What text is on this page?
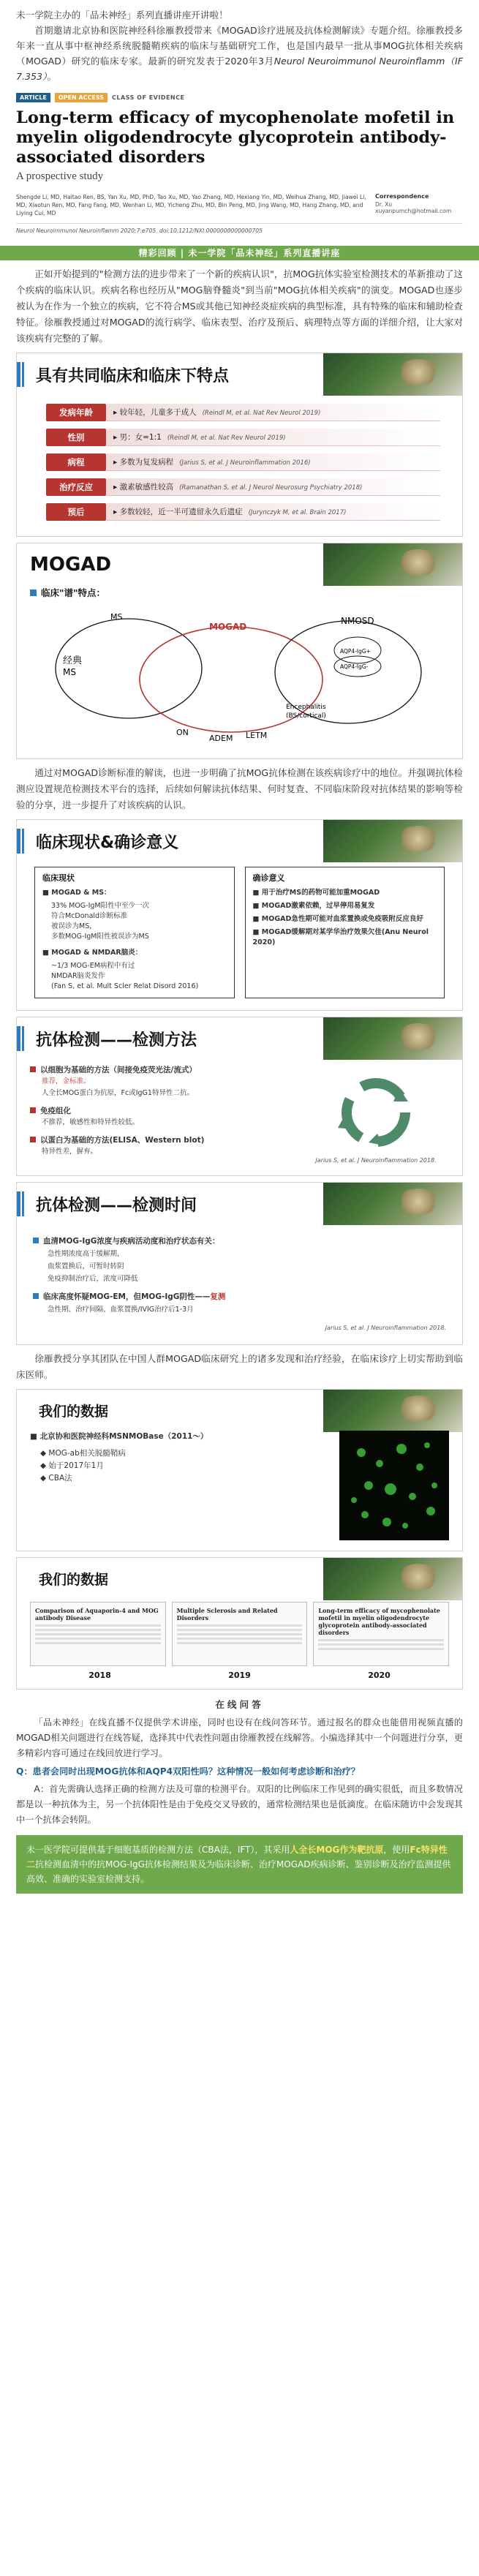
未一学院主办的「品未神经」系列直播讲座开讲啦！
首期邀请北京协和医院神经科徐雁教授带来《MOGAD诊疗进展及抗体检测解读》专题介绍。徐雁教授多年来一直从事中枢神经系统脱髓鞘疾病的临床与基础研究工作，也是国内最早一批从事MOG抗体相关疾病（MOGAD）研究的临床专家。最新的研究发表于2020年3月Neurol Neuroimmunol Neuroinflamm（IF 7.353）。
ARTICLE	OPEN ACCESS	CLASS OF EVIDENCE
Long-term efficacy of mycophenolate mofetil in myelin oligodendrocyte glycoprotein antibody-associated disorders
A prospective study
Shengde Li, MD, Haitao Ren, BS, Yan Xu, MD, PhD, Tao Xu, MD, Yao Zhang, MD, Hexiang Yin, MD, Weihua Zhang, MD, Jiawei Li, MD, Xiaotun Ren, MD, Fang Fang, MD, Wenhan Li, MD, Yicheng Zhu, MD, Bin Peng, MD, Jing Wang, MD, Hang Zhang, MD, and Liying Cui, MD
Correspondence
Dr. Xu
xuyanpumch@hotmail.com
Neurol Neuroimmunol Neuroinflamm 2020;7:e705. doi:10.1212/NXI.0000000000000705
精彩回顾 | 未一学院「品未神经」系列直播讲座

正如开始提到的"检测方法的进步带来了一个新的疾病认识"，抗MOG抗体实验室检测技术的革新推动了这个疾病的临床认识。疾病名称也经历从"MOG脑脊髓炎"到当前"MOG抗体相关疾病"的演变。MOGAD也逐步被认为在作为一个独立的疾病，它不符合MS或其他已知神经炎症疾病的典型标准，具有特殊的临床和辅助检查特征。徐雁教授通过对MOGAD的流行病学、临床表型、治疗及预后、病理特点等方面的详细介绍，让大家对该疾病有完整的了解。

具有共同临床和临床下特点
发病年龄	▸ 较年轻，儿童多于成人 (Reindl M, et al. Nat Rev Neurol 2019)
性别	▸ 男：女=1:1 (Reindl M, et al. Nat Rev Neurol 2019)
病程	▸ 多数为复发病程 (Jarius S, et al. J Neuroinflammation 2016)
治疗反应	▸ 激素敏感性较高 (Ramanathan S, et al. J Neurol Neurosurg Psychiatry 2018)
预后	▸ 多数较轻，近一半可遗留永久后遗症 (Jurynczyk M, et al. Brain 2017)
MOGAD
临床"谱"特点：
MS
经典
MS
MOGAD
NMOSD
AQP4-IgG+
AQP4-IgG-
Encephalitis
(BS/cortical)
ON
ADEM LETM

通过对MOGAD诊断标准的解读，也进一步明确了抗MOG抗体检测在该疾病诊疗中的地位。并强调抗体检测应设置规范检测技术平台的选择，后续如何解读抗体结果、何时复查、不同临床阶段对抗体结果的影响等检验的分享，进一步提升了对该疾病的认识。

临床现状&确诊意义
临床现状
■ MOGAD & MS：
33% MOG-IgM阳性中至少一次
符合McDonald诊断标准
被误诊为MS，
多数MOG-IgM阳性被误诊为MS
■ MOGAD & NMDAR脑炎：
~1/3 MOG-EM病程中有过
NMDAR脑炎发作
(Fan S, et al. Mult Scler Relat Disord 2016)
确诊意义
■ 用于治疗MS的药物可能加重MOGAD
■ MOGAD激素依赖，过早停用易复发
■ MOGAD急性期可能对血浆置换或免疫吸附反应良好
■ MOGAD缓解期对某学华治疗效果欠佳(Anu Neurol 2020)
抗体检测——检测方法
以细胞为基础的方法（间接免疫荧光法/流式）
推荐，金标准。
人全长MOG蛋白为抗原，Fc或IgG1特异性二抗。
免疫组化
不推荐，敏感性和特异性较低。
以蛋白为基础的方法(ELISA、Western blot)
特异性差，摒弃。
Jarius S, et al. J Neuroinflammation 2018.
抗体检测——检测时间
血清MOG-IgG浓度与疾病活动度和治疗状态有关：
急性期浓度高于缓解期，
血浆置换后，可暂时转阴
免疫抑制治疗后，浓度可降低
临床高度怀疑MOG-EM，但MOG-IgG阴性——复测
急性期、治疗间隔、血浆置换/IVIG治疗后1-3月
Jarius S, et al. J Neuroinflammation 2018.

徐雁教授分享其团队在中国人群MOGAD临床研究上的诸多发现和治疗经验，在临床诊疗上切实帮助到临床医师。

我们的数据
■ 北京协和医院神经科MSNMOBase（2011～）
◆ MOG-ab相关脱髓鞘病
◆ 始于2017年1月
◆ CBA法
我们的数据
Comparison of Aquaporin-4 and MOG antibody Disease
Multiple Sclerosis and Related Disorders
Long-term efficacy of mycophenolate mofetil in myelin oligodendrocyte glycoprotein antibody-associated disorders
2018	2019	2020
在线问答
「品未神经」在线直播不仅提供学术讲座，同时也设有在线问答环节。通过报名的群众也能借用视频直播的MOGAD相关问题进行在线答疑，选择其中代表性问题由徐雁教授在线解答。小编选择其中一个问题进行分享，更多精彩内容可通过在线回放进行学习。
Q：患者会同时出现MOG抗体和AQP4双阳性吗？这种情况一般如何考虑诊断和治疗？
A：首先需确认选择正确的检测方法及可靠的检测平台。双阳的比例临床工作见到的确实很低，而且多数情况都是以一种抗体为主，另一个抗体阳性是由于免疫交叉导致的，通常检测结果也是低滴度。在临床随访中会发现其中一个抗体会转阴。
未一医学院可提供基于细胞基质的检测方法（CBA法，IFT），其采用人全长MOG作为靶抗原，使用Fc特异性二抗检测血清中的抗MOG-IgG抗体检测结果及为临床诊断、治疗MOGAD疾病诊断、鉴别诊断及治疗监测提供高效、准确的实验室检测支持。
